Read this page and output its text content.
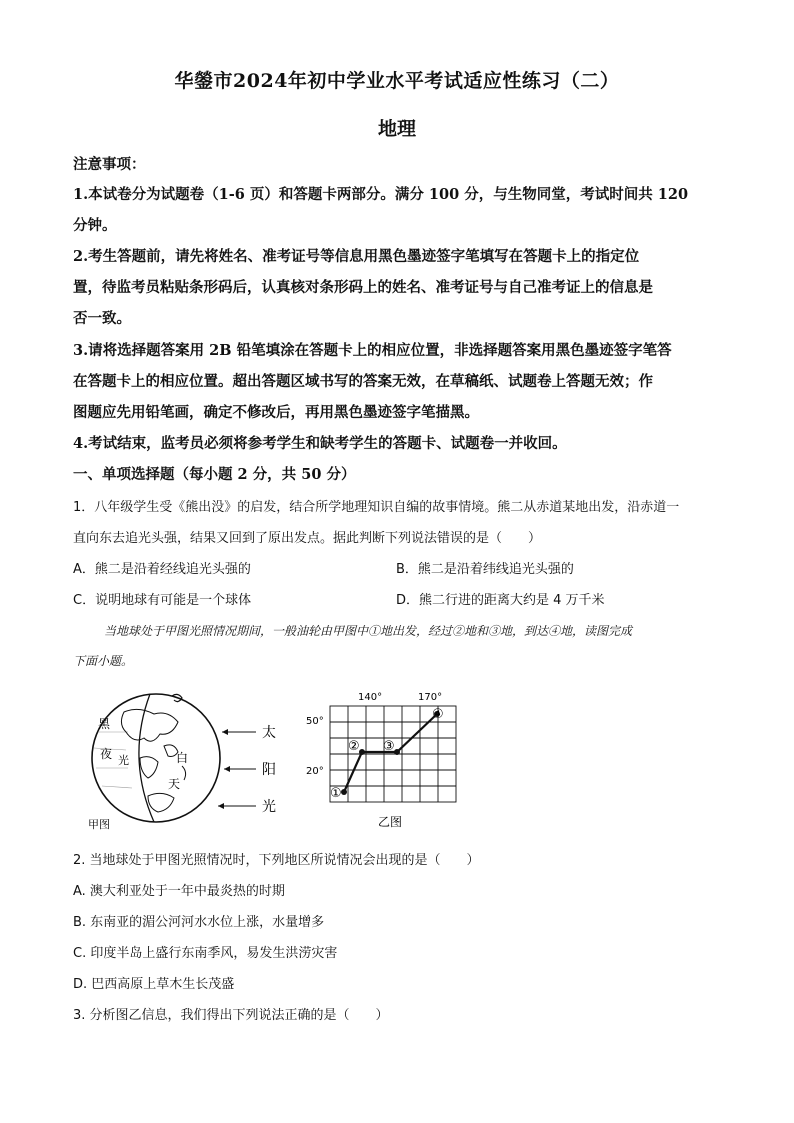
华鎣市2024年初中学业水平考试适应性练习（二）
地理
注意事项：
1.本试卷分为试题卷（1-6 页）和答题卡两部分。满分 100 分，与生物同堂，考试时间共 120
分钟。
2.考生答题前，请先将姓名、准考证号等信息用黑色墨迹签字笔填写在答题卡上的指定位
置，待监考员粘贴条形码后，认真核对条形码上的姓名、准考证号与自己准考证上的信息是
否一致。
3.请将选择题答案用 2B 铅笔填涂在答题卡上的相应位置，非选择题答案用黑色墨迹签字笔答
在答题卡上的相应位置。超出答题区域书写的答案无效，在草稿纸、试题卷上答题无效；作
图题应先用铅笔画，确定不修改后，再用黑色墨迹签字笔描黑。
4.考试结束，监考员必须将参考学生和缺考学生的答题卡、试题卷一并收回。
一、单项选择题（每小题 2 分，共 50 分）
1．八年级学生受《熊出没》的启发，结合所学地理知识自编的故事情境。熊二从赤道某地出发，沿赤道一
直向东去追光头强，结果又回到了原出发点。据此判断下列说法错误的是（　　）
A．熊二是沿着经线追光头强的	B．熊二是沿着纬线追光头强的
C．说明地球有可能是一个球体	D．熊二行进的距离大约是 4 万千米
当地球处于甲图光照情况期间，一般油轮由甲图中①地出发，经过②地和③地，到达④地，读图完成
下面小题。
黑
夜 光	白
天
太
阳
光
甲图
140°	170°
50°
20°
①
② ③
④
乙图
2. 当地球处于甲图光照情况时，下列地区所说情况会出现的是（　　）
A. 澳大利亚处于一年中最炎热的时期
B. 东南亚的湄公河河水水位上涨，水量增多
C. 印度半岛上盛行东南季风，易发生洪涝灾害
D. 巴西高原上草木生长茂盛
3. 分析图乙信息，我们得出下列说法正确的是（　　）
